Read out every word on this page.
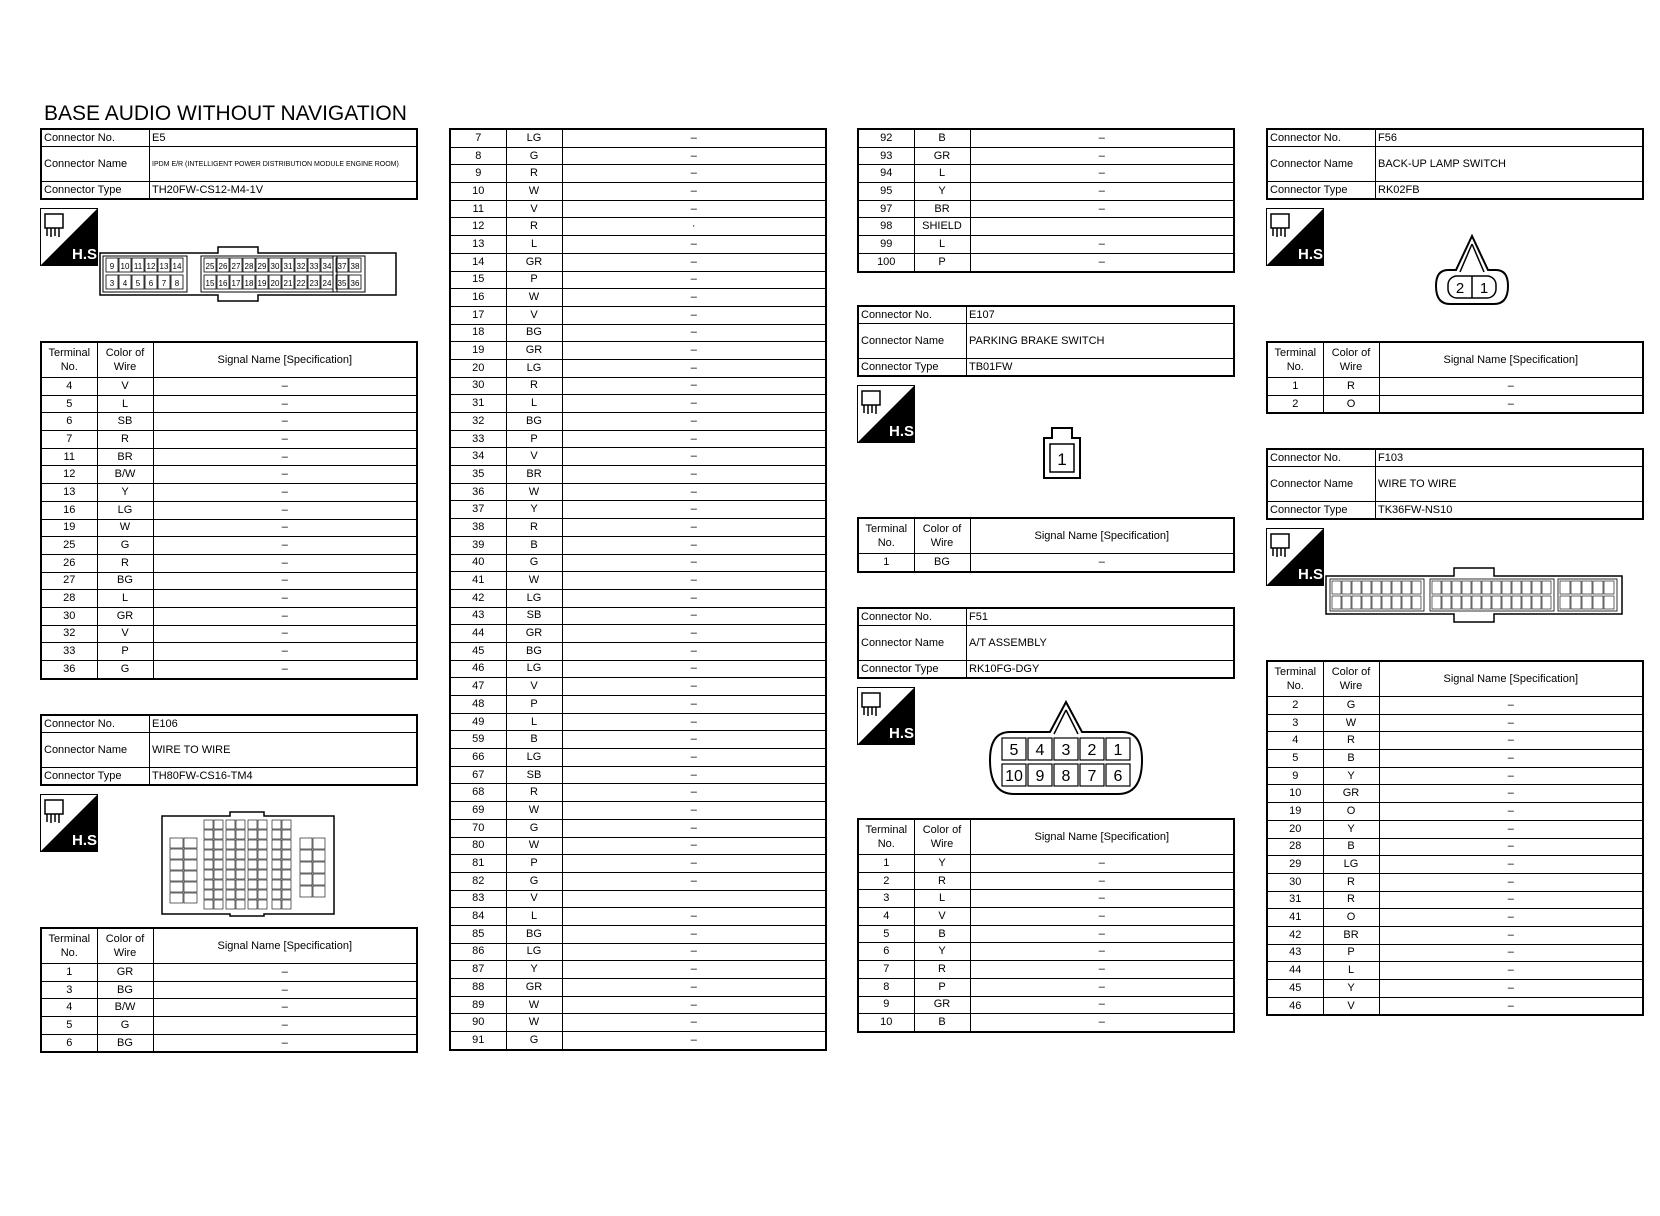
BASE AUDIO WITHOUT NAVIGATION
Connector No.	E5
Connector Name	IPDM E/R (INTELLIGENT POWER DISTRIBUTION MODULE ENGINE ROOM)
Connector Type	TH20FW-CS12-M4-1V
H.S.
9
3
10
4
11
5
12
6
13
7
14
8
25
15
26
16
27
17
28
18
29
19
30
20
31
21
32
22
33
23
34
24
37
35
38
36
Terminal No.	Color of Wire	Signal Name [Specification]
4	V	–
5	L	–
6	SB	–
7	R	–
11	BR	–
12	B/W	–
13	Y	–
16	LG	–
19	W	–
25	G	–
26	R	–
27	BG	–
28	L	–
30	GR	–
32	V	–
33	P	–
36	G	–
Connector No.	E106
Connector Name	WIRE TO WIRE
Connector Type	TH80FW-CS16-TM4
H.S.
Terminal No.	Color of Wire	Signal Name [Specification]
1	GR	–
3	BG	–
4	B/W	–
5	G	–
6	BG	–
7	LG	–
8	G	–
9	R	–
10	W	–
11	V	–
12	R	·
13	L	–
14	GR	–
15	P	–
16	W	–
17	V	–
18	BG	–
19	GR	–
20	LG	–
30	R	–
31	L	–
32	BG	–
33	P	–
34	V	–
35	BR	–
36	W	–
37	Y	–
38	R	–
39	B	–
40	G	–
41	W	–
42	LG	–
43	SB	–
44	GR	–
45	BG	–
46	LG	–
47	V	–
48	P	–
49	L	–
59	B	–
66	LG	–
67	SB	–
68	R	–
69	W	–
70	G	–
80	W	–
81	P	–
82	G	–
83	V	
84	L	–
85	BG	–
86	LG	–
87	Y	–
88	GR	–
89	W	–
90	W	–
91	G	–
92	B	–
93	GR	–
94	L	–
95	Y	–
97	BR	–
98	SHIELD	
99	L	–
100	P	–
Connector No.	E107
Connector Name	PARKING BRAKE SWITCH
Connector Type	TB01FW
H.S.
1
Terminal No.	Color of Wire	Signal Name [Specification]
1	BG	–
Connector No.	F51
Connector Name	A/T ASSEMBLY
Connector Type	RK10FG-DGY
H.S.
5
10
4
9
3
8
2
7
1
6
Terminal No.	Color of Wire	Signal Name [Specification]
1	Y	–
2	R	–
3	L	–
4	V	–
5	B	–
6	Y	–
7	R	–
8	P	–
9	GR	–
10	B	–
Connector No.	F56
Connector Name	BACK-UP LAMP SWITCH
Connector Type	RK02FB
H.S.
2 1
Terminal No.	Color of Wire	Signal Name [Specification]
1	R	–
2	O	–
Connector No.	F103
Connector Name	WIRE TO WIRE
Connector Type	TK36FW-NS10
H.S.
Terminal No.	Color of Wire	Signal Name [Specification]
2	G	–
3	W	–
4	R	–
5	B	–
9	Y	–
10	GR	–
19	O	–
20	Y	–
28	B	–
29	LG	–
30	R	–
31	R	–
41	O	–
42	BR	–
43	P	–
44	L	–
45	Y	–
46	V	–
